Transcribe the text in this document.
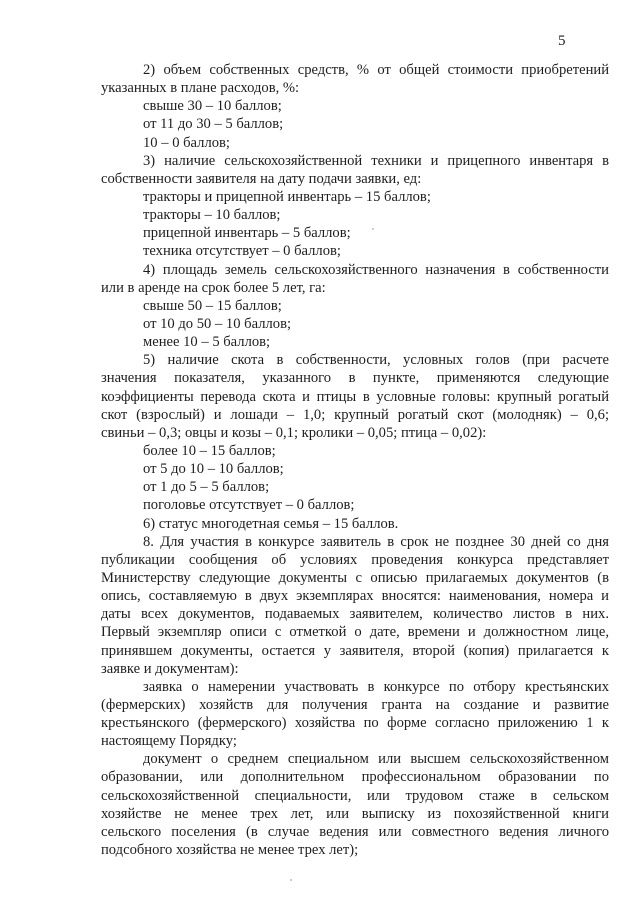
5
2) объем собственных средств, % от общей стоимости приобретений
указанных в плане расходов, %:
свыше 30 – 10 баллов;
от 11 до 30 – 5 баллов;
10 – 0 баллов;
3) наличие сельскохозяйственной техники и прицепного инвентаря в
собственности заявителя на дату подачи заявки, ед:
тракторы и прицепной инвентарь – 15 баллов;
тракторы – 10 баллов;
прицепной инвентарь – 5 баллов;
техника отсутствует – 0 баллов;
4) площадь земель сельскохозяйственного назначения в собственности
или в аренде на срок более 5 лет, га:
свыше 50 – 15 баллов;
от 10 до 50 – 10 баллов;
менее 10 – 5 баллов;
5) наличие скота в собственности, условных голов (при расчете
значения показателя, указанного в пункте, применяются следующие
коэффициенты перевода скота и птицы в условные головы: крупный рогатый
скот (взрослый) и лошади – 1,0; крупный рогатый скот (молодняк) – 0,6;
свиньи – 0,3; овцы и козы – 0,1; кролики – 0,05; птица – 0,02):
более 10 – 15 баллов;
от 5 до 10 – 10 баллов;
от 1 до 5 – 5 баллов;
поголовье отсутствует – 0 баллов;
6) статус многодетная семья – 15 баллов.
8. Для участия в конкурсе заявитель в срок не позднее 30 дней со дня
публикации сообщения об условиях проведения конкурса представляет
Министерству следующие документы с описью прилагаемых документов (в
опись, составляемую в двух экземплярах вносятся: наименования, номера и
даты всех документов, подаваемых заявителем, количество листов в них.
Первый экземпляр описи с отметкой о дате, времени и должностном лице,
принявшем документы, остается у заявителя, второй (копия) прилагается к
заявке и документам):
заявка о намерении участвовать в конкурсе по отбору крестьянских
(фермерских) хозяйств для получения гранта на создание и развитие
крестьянского (фермерского) хозяйства по форме согласно приложению 1 к
настоящему Порядку;
документ о среднем специальном или высшем сельскохозяйственном
образовании, или дополнительном профессиональном образовании по
сельскохозяйственной специальности, или трудовом стаже в сельском
хозяйстве не менее трех лет, или выписку из похозяйственной книги
сельского поселения (в случае ведения или совместного ведения личного
подсобного хозяйства не менее трех лет);
